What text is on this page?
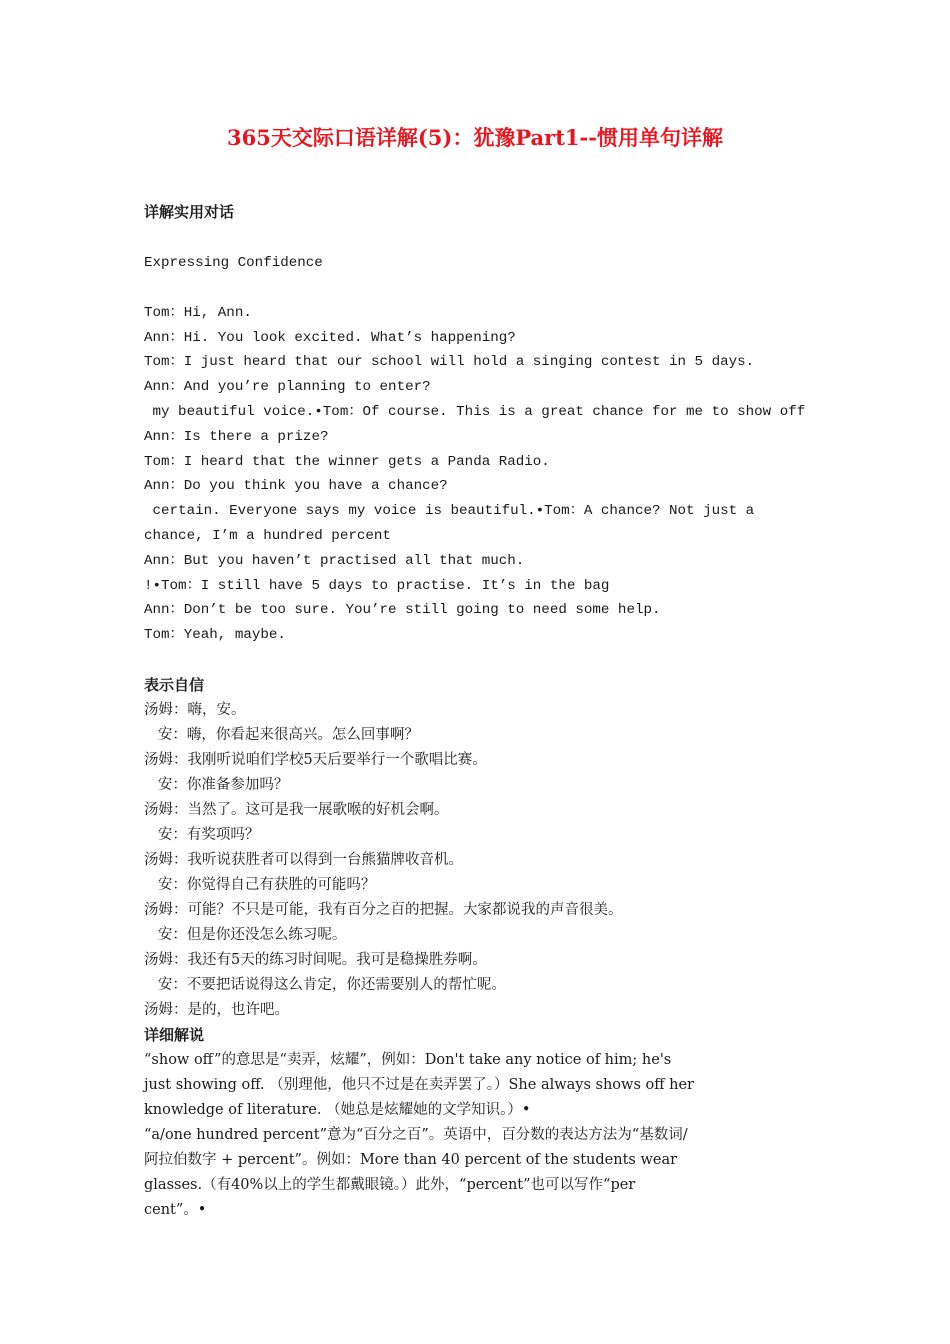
365天交际口语详解(5)：犹豫Part1--惯用单句详解
详解实用对话
Expressing Confidence
Tom：Hi, Ann.
Ann：Hi. You look excited. What’s happening?
Tom：I just heard that our school will hold a singing contest in 5 days.
Ann：And you’re planning to enter?
my beautiful voice.•Tom：Of course. This is a great chance for me to show off
Ann：Is there a prize?
Tom：I heard that the winner gets a Panda Radio.
Ann：Do you think you have a chance?
certain. Everyone says my voice is beautiful.•Tom：A chance? Not just a
chance, I’m a hundred percent
Ann：But you haven’t practised all that much.
!•Tom：I still have 5 days to practise. It’s in the bag
Ann：Don’t be too sure. You’re still going to need some help.
Tom：Yeah, maybe.
表示自信
汤姆：嗨，安。
安：嗨，你看起来很高兴。怎么回事啊？
汤姆：我刚听说咱们学校5天后要举行一个歌唱比赛。
安：你准备参加吗？
汤姆：当然了。这可是我一展歌喉的好机会啊。
安：有奖项吗？
汤姆：我听说获胜者可以得到一台熊猫牌收音机。
安：你觉得自己有获胜的可能吗？
汤姆：可能？不只是可能，我有百分之百的把握。大家都说我的声音很美。
安：但是你还没怎么练习呢。
汤姆：我还有5天的练习时间呢。我可是稳操胜券啊。
安：不要把话说得这么肯定，你还需要别人的帮忙呢。
汤姆：是的，也许吧。
详细解说
“show off”的意思是“卖弄，炫耀”，例如：Don't take any notice of him; he's
just showing off. （别理他，他只不过是在卖弄罢了。）She always shows off her
knowledge of literature. （她总是炫耀她的文学知识。）•
“a/one hundred percent”意为“百分之百”。英语中，百分数的表达方法为“基数词/
阿拉伯数字 + percent”。例如：More than 40 percent of the students wear
glasses.（有40%以上的学生都戴眼镜。）此外，“percent”也可以写作“per
cent”。•
